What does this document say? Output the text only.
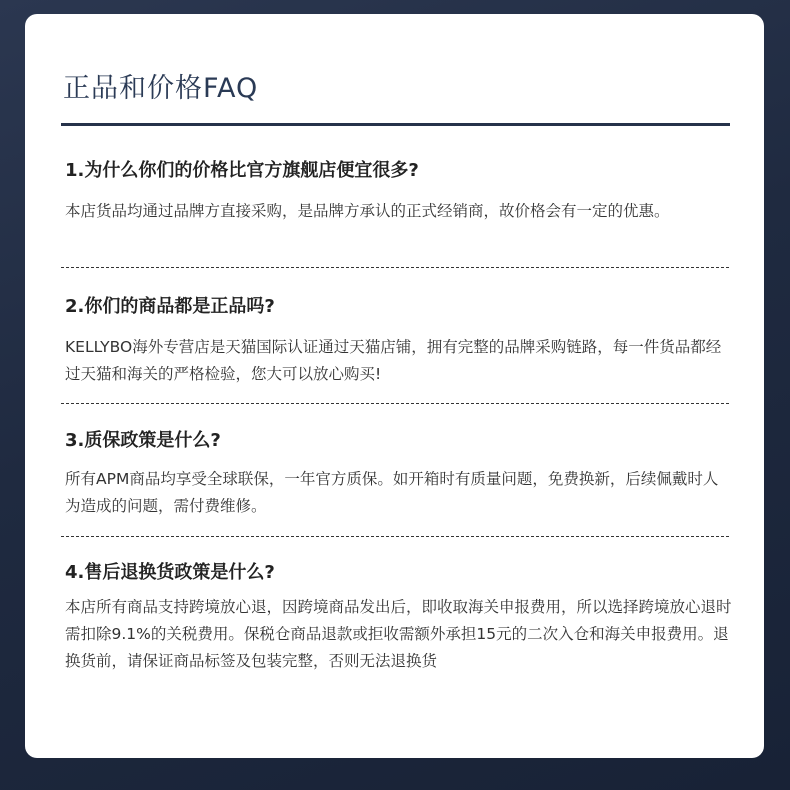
正品和价格FAQ
1.为什么你们的价格比官方旗舰店便宜很多?

本店货品均通过品牌方直接采购，是品牌方承认的正式经销商，故价格会有一定的优惠。

2.你们的商品都是正品吗?

KELLYBO海外专营店是天猫国际认证通过天猫店铺，拥有完整的品牌采购链路，每一件货品都经过天猫和海关的严格检验，您大可以放心购买!

3.质保政策是什么?

所有APM商品均享受全球联保，一年官方质保。如开箱时有质量问题，免费换新，后续佩戴时人为造成的问题，需付费维修。

4.售后退换货政策是什么?

本店所有商品支持跨境放心退，因跨境商品发出后，即收取海关申报费用，所以选择跨境放心退时需扣除9.1%的关税费用。保税仓商品退款或拒收需额外承担15元的二次入仓和海关申报费用。退换货前，请保证商品标签及包装完整，否则无法退换货
